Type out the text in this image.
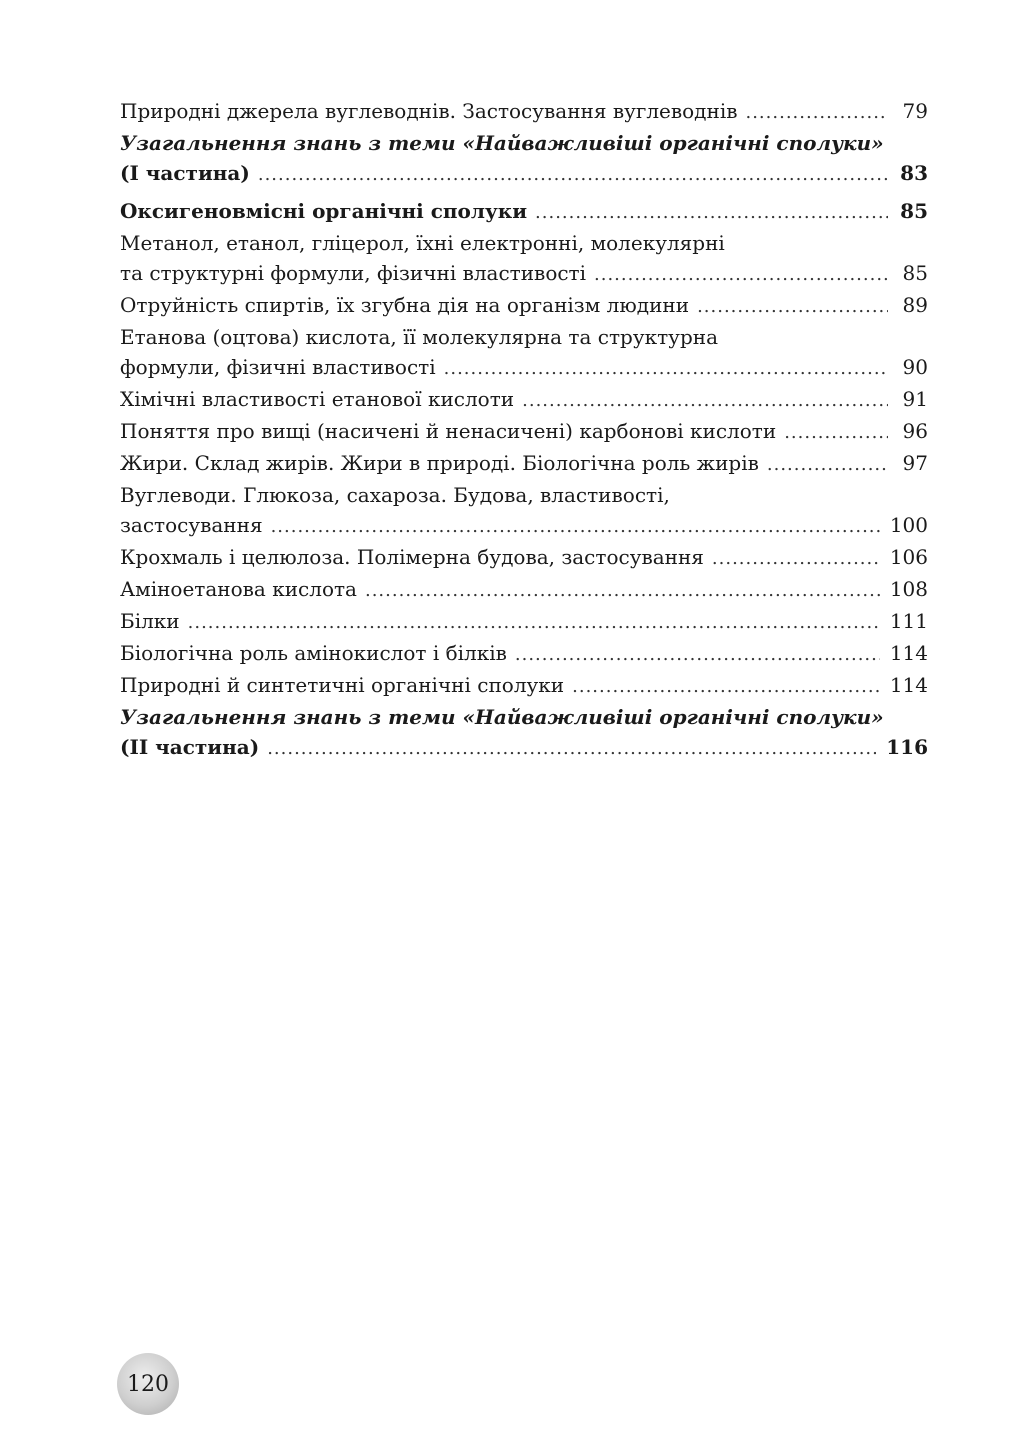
Природні джерела вуглеводнів. Застосування вуглеводнів .....	79
Узагальнення знань з теми «Найважливіші органічні сполуки»
(І частина) .....	83
Оксигеновмісні органічні сполуки .....	85
Метанол, етанол, гліцерол, їхні електронні, молекулярні
та структурні формули, фізичні властивості .....	85
Отруйність спиртів, їх згубна дія на організм людини .....	89
Етанова (оцтова) кислота, її молекулярна та структурна
формули, фізичні властивості .....	90
Хімічні властивості етанової кислоти .....	91
Поняття про вищі (насичені й ненасичені) карбонові кислоти .....	96
Жири. Склад жирів. Жири в природі. Біологічна роль жирів .....	97
Вуглеводи. Глюкоза, сахароза. Будова, властивості,
застосування .....	100
Крохмаль і целюлоза. Полімерна будова, застосування .....	106
Аміноетанова кислота .....	108
Білки .....	111
Біологічна роль амінокислот і білків .....	114
Природні й синтетичні органічні сполуки .....	114
Узагальнення знань з теми «Найважливіші органічні сполуки»
(ІІ частина) .....	116
120
